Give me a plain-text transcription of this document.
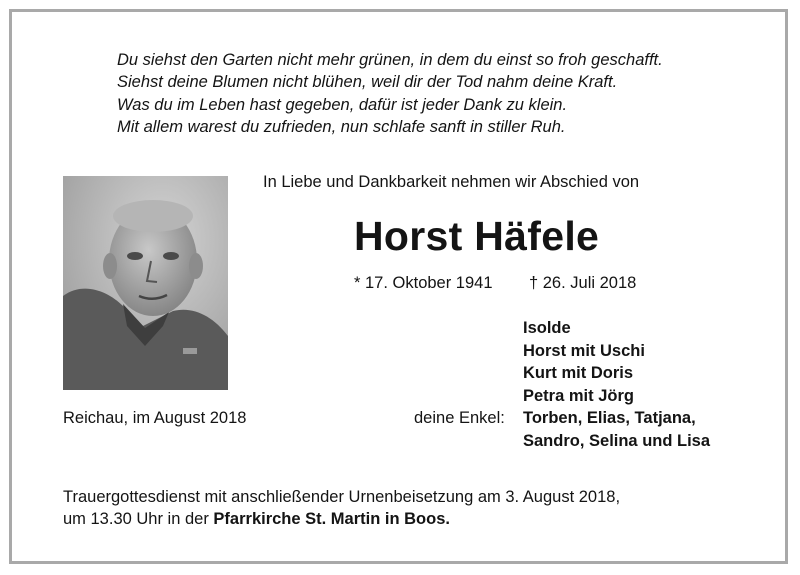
Du siehst den Garten nicht mehr grünen, in dem du einst so froh geschafft.
Siehst deine Blumen nicht blühen, weil dir der Tod nahm deine Kraft.
Was du im Leben hast gegeben, dafür ist jeder Dank zu klein.
Mit allem warest du zufrieden, nun schlafe sanft in stiller Ruh.
In Liebe und Dankbarkeit nehmen wir Abschied von
Horst Häfele
* 17. Oktober 1941 † 26. Juli 2018
Isolde
Horst mit Uschi
Kurt mit Doris
Petra mit Jörg
Torben, Elias, Tatjana,
Sandro, Selina und Lisa
Reichau, im August 2018	deine Enkel:
Trauergottesdienst mit anschließender Urnenbeisetzung am 3. August 2018,
um 13.30 Uhr in der Pfarrkirche St. Martin in Boos.
